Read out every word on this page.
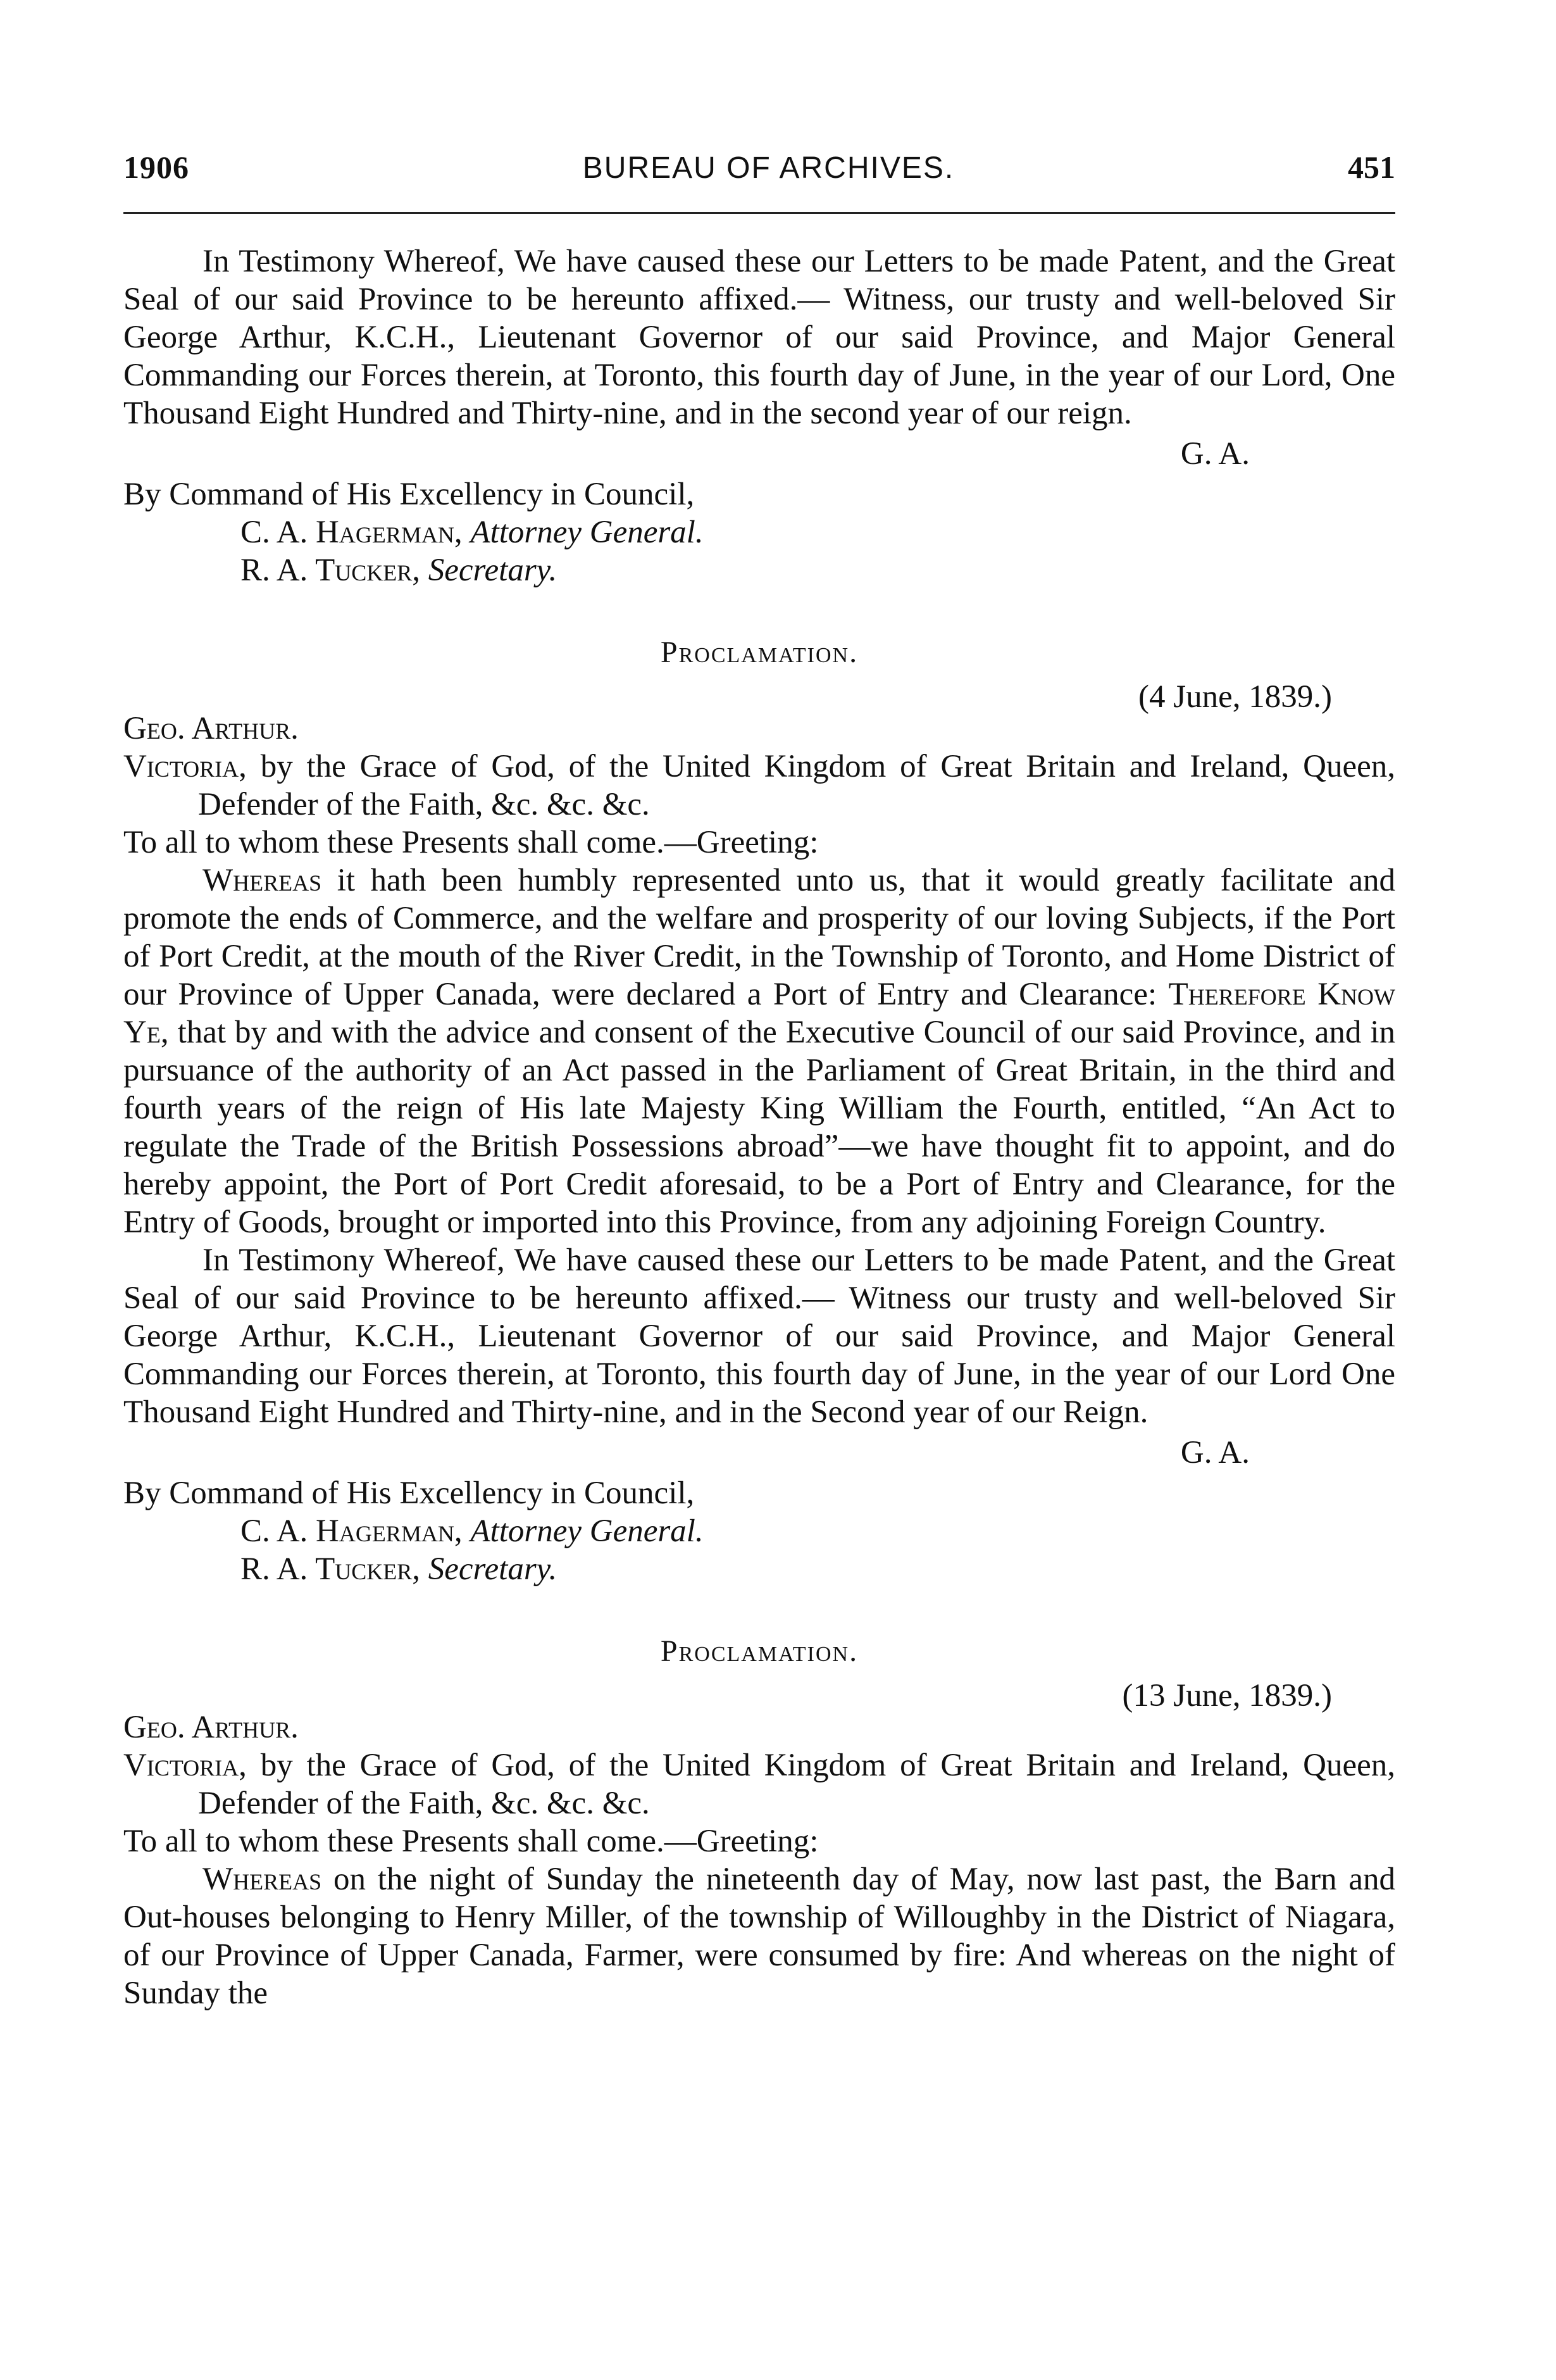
1906	BUREAU OF ARCHIVES.	451

In Testimony Whereof, We have caused these our Letters to be made Patent, and the Great Seal of our said Province to be hereunto affixed.— Witness, our trusty and well-beloved Sir George Arthur, K.C.H., Lieutenant Governor of our said Province, and Major General Commanding our Forces therein, at Toronto, this fourth day of June, in the year of our Lord, One Thousand Eight Hundred and Thirty-nine, and in the second year of our reign.

G. A.
B⁣⁣y Command of His Excellency in Council,
C. A. Hagerman, Attorney General.
R. A. Tucker, Secretary.
Proclamation.
(4 June, 1839.)
Geo. Arthur.

Victoria, by the Grace of God, of the United Kingdom of Great Britain and Ireland, Queen, Defender of the Faith, &c. &c. &c.

To all to whom these Presents shall come.—Greeting:

Whereas it hath been humbly represented unto us, that it would greatly facilitate and promote the ends of Commerce, and the welfare and prosperity of our loving Subjects, if the Port of Port Credit, at the mouth of the River Credit, in the Township of Toronto, and Home District of our Province of Upper Canada, were declared a Port of Entry and Clearance: Therefore Know Ye, that by and with the advice and consent of the Executive Council of our said Province, and in pursuance of the authority of an Act passed in the Parliament of Great Britain, in the third and fourth years of the reign of His late Majesty King William the Fourth, entitled, “An Act to regulate the Trade of the British Possessions abroad”—we have thought fit to appoint, and do hereby appoint, the Port of Port Credit aforesaid, to be a Port of Entry and Clearance, for the Entry of Goods, brought or imported into this Province, from any adjoining Foreign Country.

In Testimony Whereof, We have caused these our Letters to be made Patent, and the Great Seal of our said Province to be hereunto affixed.— Witness our trusty and well-beloved Sir George Arthur, K.C.H., Lieutenant Governor of our said Province, and Major General Commanding our Forces therein, at Toronto, this fourth day of June, in the year of our Lord One Thousand Eight Hundred and Thirty-nine, and in the Second year of our Reign.

G. A.
By Command of His Excellency in Council,
C. A. Hagerman, Attorney General.
R. A. Tucker, Secretary.
Proclamation.
(13 June, 1839.)
Geo. Arthur.

Victoria, by the Grace of God, of the United Kingdom of Great Britain and Ireland, Queen, Defender of the Faith, &c. &c. &c.

To all to whom these Presents shall come.—Greeting:

Whereas on the night of Sunday the nineteenth day of May, now last past, the Barn and Out-houses belonging to Henry Miller, of the township of Willoughby in the District of Niagara, of our Province of Upper Canada, Farmer, were consumed by fire: And whereas on the night of Sunday the
